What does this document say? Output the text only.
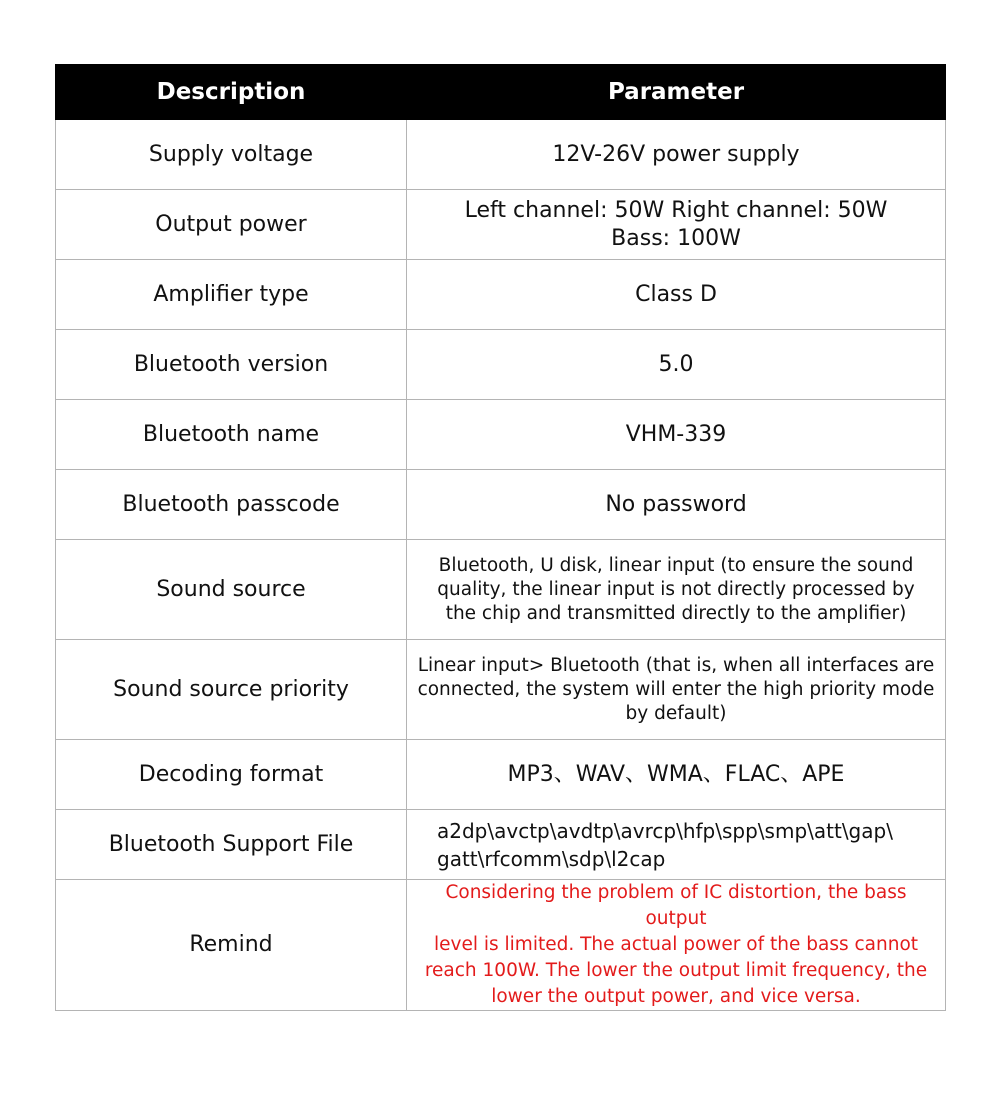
Description	Parameter
Supply voltage	12V-26V power supply

Output power	Left channel: 50W Right channel: 50W
Bass: 100W

Amplifier type	Class D

Bluetooth version	5.0

Bluetooth name	VHM-339

Bluetooth passcode	No password

Sound source	Bluetooth, U disk, linear input (to ensure the sound
quality, the linear input is not directly processed by
the chip and transmitted directly to the amplifier)

Sound source priority	Linear input> Bluetooth (that is, when all interfaces are
connected, the system will enter the high priority mode
by default)

Decoding format	MP3、WAV、WMA、FLAC、APE

Bluetooth Support File	a2dp\avctp\avdtp\avrcp\hfp\spp\smp\att\gap\
gatt\rfcomm\sdp\l2cap

Remind	Considering the problem of IC distortion, the bass output
level is limited. The actual power of the bass cannot
reach 100W. The lower the output limit frequency, the
lower the output power, and vice versa.
